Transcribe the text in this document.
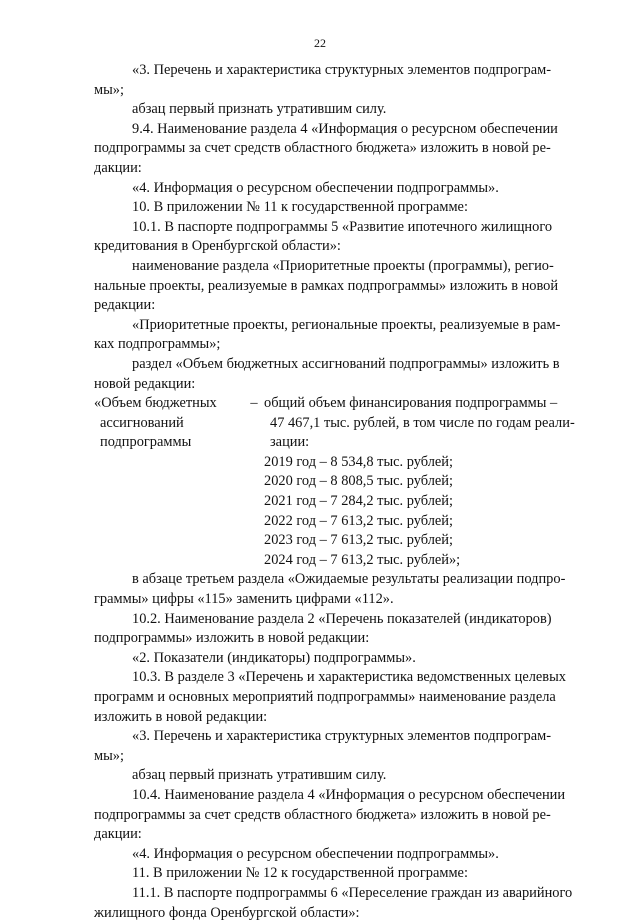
22

«3. Перечень и характеристика структурных элементов подпрограм-

мы»;

абзац первый признать утратившим силу.

9.4. Наименование раздела 4 «Информация о ресурсном обеспечении

подпрограммы за счет средств областного бюджета» изложить в новой ре-

дакции:

«4. Информация о ресурсном обеспечении подпрограммы».

10. В приложении № 11 к государственной программе:

10.1. В паспорте подпрограммы 5 «Развитие ипотечного жилищного

кредитования в Оренбургской области»:

наименование раздела «Приоритетные проекты (программы), регио-

нальные проекты, реализуемые в рамках подпрограммы» изложить в новой

редакции:

«Приоритетные проекты, региональные проекты, реализуемые в рам-

ках подпрограммы»;

раздел «Объем бюджетных ассигнований подпрограммы» изложить в

новой редакции:

«Объем бюджетных	– общий объем финансирования подпрограммы –
ассигнований	47 467,1 тыс. рублей, в том числе по годам реали-
подпрограммы	зации:
2019 год – 8 534,8 тыс. рублей;
2020 год – 8 808,5 тыс. рублей;
2021 год – 7 284,2 тыс. рублей;
2022 год – 7 613,2 тыс. рублей;
2023 год – 7 613,2 тыс. рублей;
2024 год – 7 613,2 тыс. рублей»;

в абзаце третьем раздела «Ожидаемые результаты реализации подпро-

граммы» цифры «115» заменить цифрами «112».

10.2. Наименование раздела 2 «Перечень показателей (индикаторов)

подпрограммы» изложить в новой редакции:

«2. Показатели (индикаторы) подпрограммы».

10.3. В разделе 3 «Перечень и характеристика ведомственных целевых

программ и основных мероприятий подпрограммы» наименование раздела

изложить в новой редакции:

«3. Перечень и характеристика структурных элементов подпрограм-

мы»;

абзац первый признать утратившим силу.

10.4. Наименование раздела 4 «Информация о ресурсном обеспечении

подпрограммы за счет средств областного бюджета» изложить в новой ре-

дакции:

«4. Информация о ресурсном обеспечении подпрограммы».

11. В приложении № 12 к государственной программе:

11.1. В паспорте подпрограммы 6 «Переселение граждан из аварийного

жилищного фонда Оренбургской области»:
